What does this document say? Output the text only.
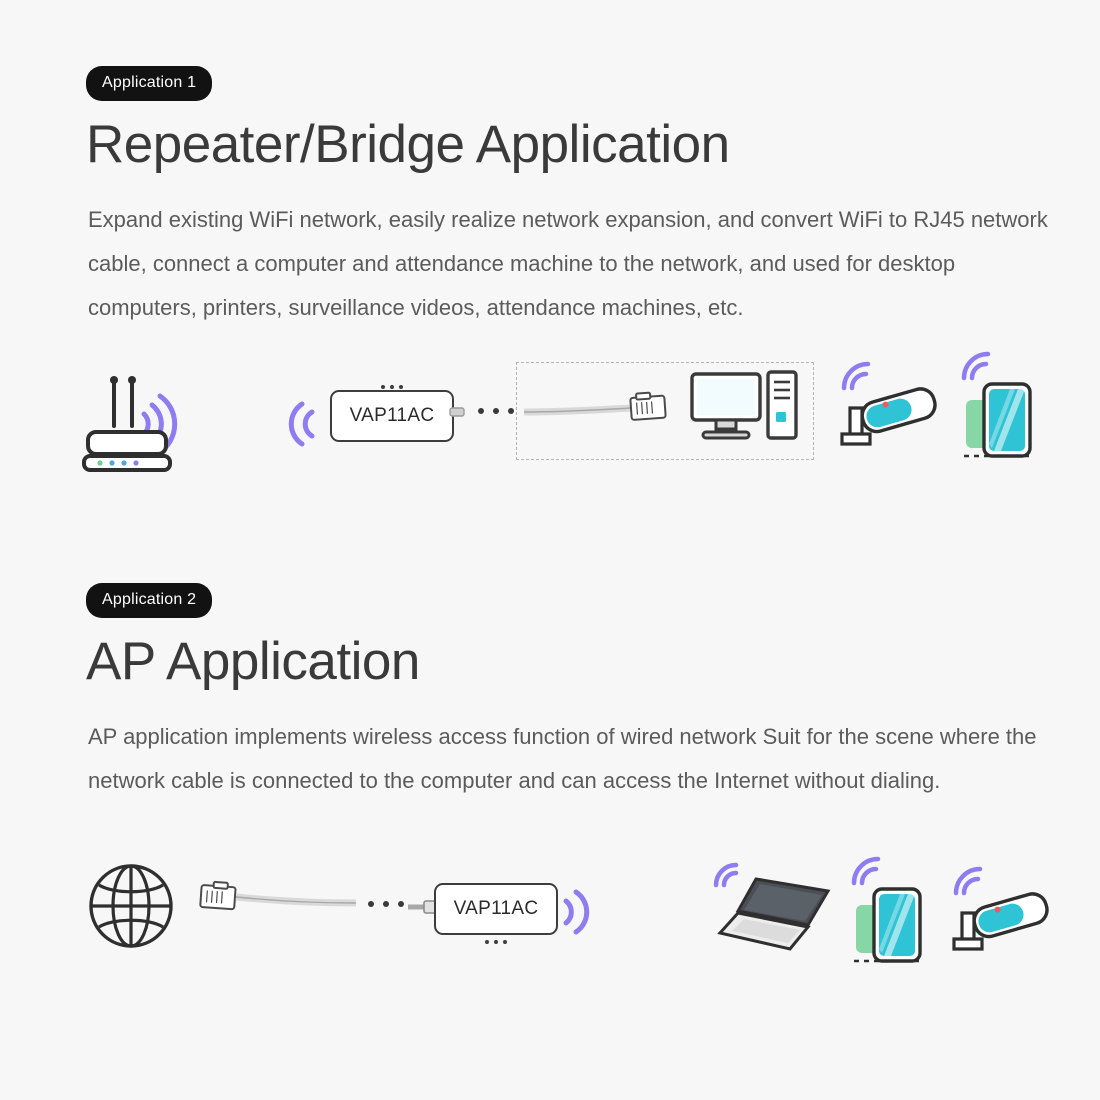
Application 1
Repeater/Bridge Application

Expand existing WiFi network, easily realize network expansion, and convert WiFi to RJ45 network cable, connect a computer and attendance machine to the network, and used for desktop computers, printers, surveillance videos, attendance machines, etc.

VAP11AC
Application 2
AP Application

AP application implements wireless access function of wired network Suit for the scene where the network cable is connected to the computer and can access the Internet without dialing.

VAP11AC
